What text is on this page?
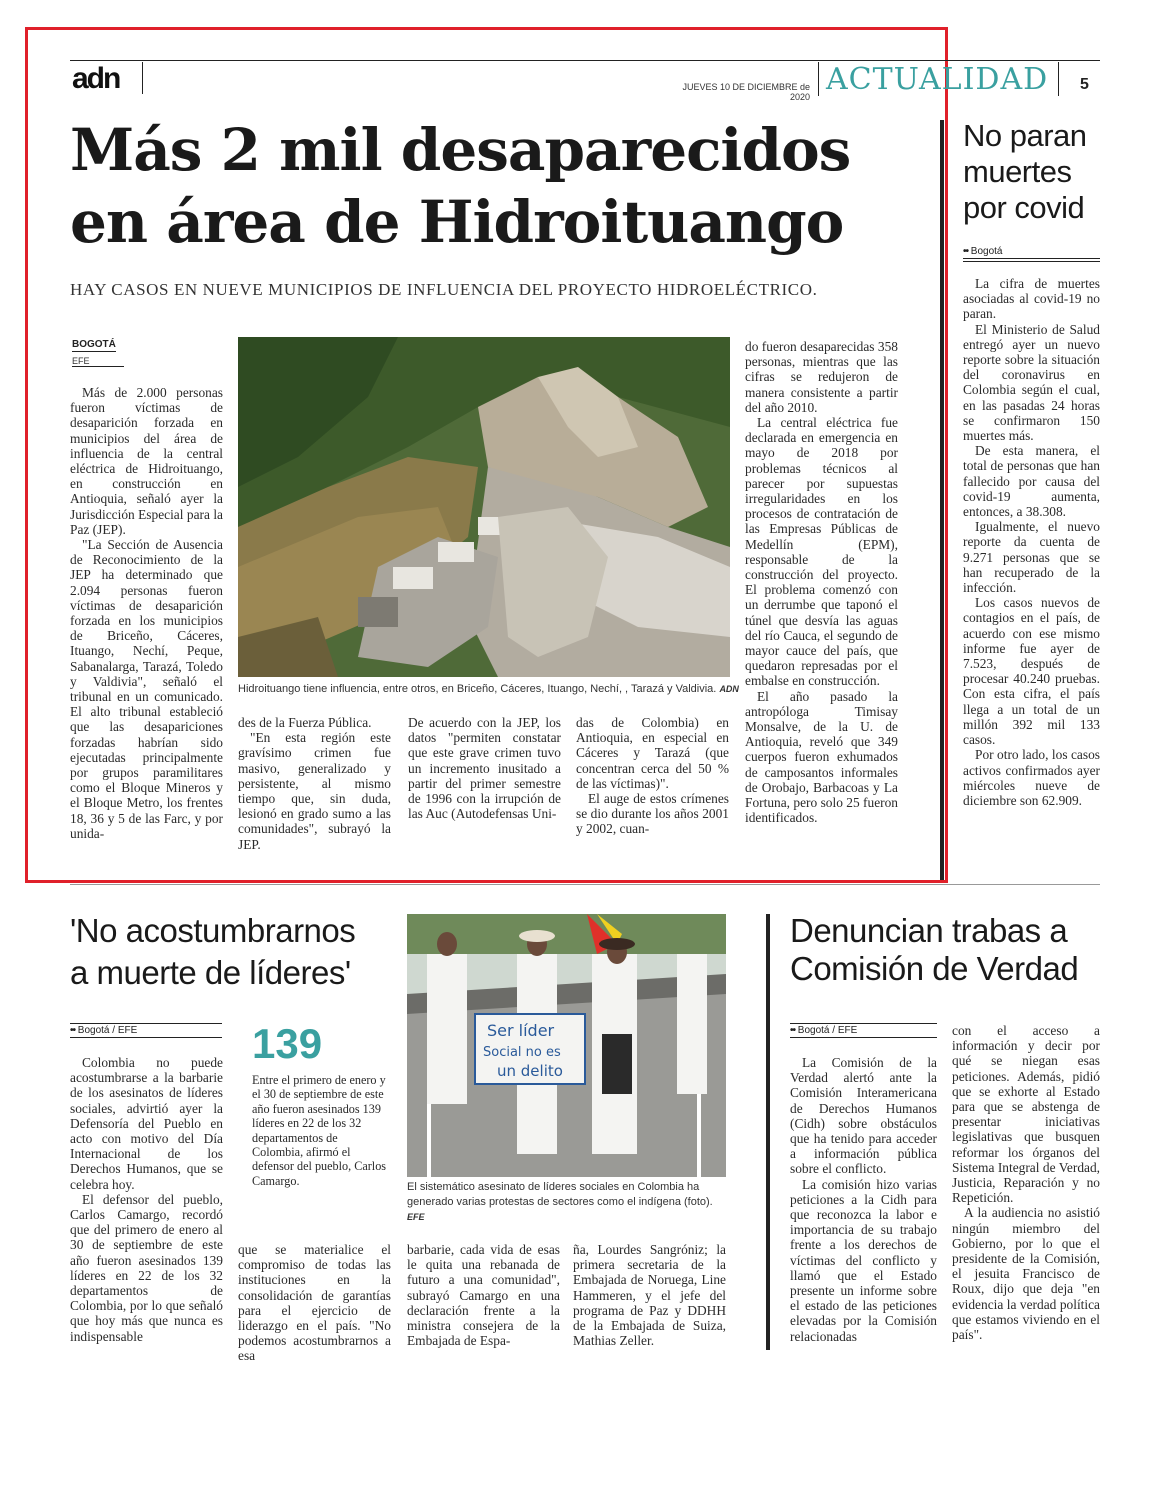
adn	JUEVES 10 DE DICIEMBRE de 2020 ACTUALIDAD 5
Más 2 mil desaparecidos
en área de Hidroituango
HAY CASOS EN NUEVE MUNICIPIOS DE INFLUENCIA DEL PROYECTO HIDROELÉCTRICO.
BOGOTÁ
EFE
Hidroituango tiene influencia, entre otros, en Briceño, Cáceres, Ituango, Nechí, , Tarazá y Valdivia. ADN

Más de 2.000 personas fueron víctimas de desaparición forzada en municipios del área de influencia de la central eléctrica de Hidroituango, en construcción en Antioquia, señaló ayer la Jurisdicción Especial para la Paz (JEP).

"La Sección de Ausencia de Reconocimiento de la JEP ha determinado que 2.094 personas fueron víctimas de desaparición forzada en los municipios de Briceño, Cáceres, Ituango, Nechí, Peque, Sabanalarga, Tarazá, Toledo y Valdivia", señaló el tribunal en un comunicado. El alto tribunal estableció que las desapariciones forzadas habrían sido ejecutadas principalmente por grupos paramilitares como el Bloque Mineros y el Bloque Metro, los frentes 18, 36 y 5 de las Farc, y por unida-

des de la Fuerza Pública.

"En esta región este gravísimo crimen fue masivo, generalizado y persistente, al mismo tiempo que, sin duda, lesionó en grado sumo a las comunidades", subrayó la JEP.

De acuerdo con la JEP, los datos "permiten constatar que este grave crimen tuvo un incremento inusitado a partir del primer semestre de 1996 con la irrupción de las Auc (Autodefensas Uni-

das de Colombia) en Antioquia, en especial en Cáceres y Tarazá (que concentran cerca del 50 % de las víctimas)".

El auge de estos crímenes se dio durante los años 2001 y 2002, cuan-

do fueron desaparecidas 358 personas, mientras que las cifras se redujeron de manera consistente a partir del año 2010.

La central eléctrica fue declarada en emergencia en mayo de 2018 por problemas técnicos al parecer por supuestas irregularidades en los procesos de contratación de las Empresas Públicas de Medellín (EPM), responsable de la construcción del proyecto. El problema comenzó con un derrumbe que taponó el túnel que desvía las aguas del río Cauca, el segundo de mayor cauce del país, que quedaron represadas por el embalse en construcción.

El año pasado la antropóloga Timisay Monsalve, de la U. de Antioquia, reveló que 349 cuerpos fueron exhumados de camposantos informales de Orobajo, Barbacoas y La Fortuna, pero solo 25 fueron identificados.

No paran muertes por covid
•• Bogotá

La cifra de muertes asociadas al covid-19 no paran.

El Ministerio de Salud entregó ayer un nuevo reporte sobre la situación del coronavirus en Colombia según el cual, en las pasadas 24 horas se confirmaron 150 muertes más.

De esta manera, el total de personas que han fallecido por causa del covid-19 aumenta, entonces, a 38.308.

Igualmente, el nuevo reporte da cuenta de 9.271 personas que se han recuperado de la infección.

Los casos nuevos de contagios en el país, de acuerdo con ese mismo informe fue ayer de 7.523, después de procesar 40.240 pruebas. Con esta cifra, el país llega a un total de un millón 392 mil 133 casos.

Por otro lado, los casos activos confirmados ayer miércoles nueve de diciembre son 62.909.

'No acostumbrarnos
a muerte de líderes'
•• Bogotá / EFE	139

Entre el primero de enero y el 30 de septiembre de este año fueron asesinados 139 líderes en 22 de los 32 departamentos de Colombia, afirmó el defensor del pueblo, Carlos Camargo.

Ser líder
Social no es
un delito
El sistemático asesinato de líderes sociales en Colombia ha generado varias protestas de sectores como el indígena (foto). EFE

Colombia no puede acostumbrarse a la barbarie de los asesinatos de líderes sociales, advirtió ayer la Defensoría del Pueblo en acto con motivo del Día Internacional de los Derechos Humanos, que se celebra hoy.

El defensor del pueblo, Carlos Camargo, recordó que del primero de enero al 30 de septiembre de este año fueron asesinados 139 líderes en 22 de los 32 departamentos de Colombia, por lo que señaló que hoy más que nunca es indispensable

que se materialice el compromiso de todas las instituciones en la consolidación de garantías para el ejercicio de liderazgo en el país. "No podemos acostumbrarnos a esa

barbarie, cada vida de esas le quita una rebanada de futuro a una comunidad", subrayó Camargo en una declaración frente a la ministra consejera de la Embajada de Espa-

ña, Lourdes Sangróniz; la primera secretaria de la Embajada de Noruega, Line Hammeren, y el jefe del programa de Paz y DDHH de la Embajada de Suiza, Mathias Zeller.

Denuncian trabas a
Comisión de Verdad
•• Bogotá / EFE

La Comisión de la Verdad alertó ante la Comisión Interamericana de Derechos Humanos (Cidh) sobre obstáculos que ha tenido para acceder a información pública sobre el conflicto.

La comisión hizo varias peticiones a la Cidh para que reconozca la labor e importancia de su trabajo frente a los derechos de víctimas del conflicto y llamó que el Estado presente un informe sobre el estado de las peticiones elevadas por la Comisión relacionadas

con el acceso a información y decir por qué se niegan esas peticiones. Además, pidió que se exhorte al Estado para que se abstenga de presentar iniciativas legislativas que busquen reformar los órganos del Sistema Integral de Verdad, Justicia, Reparación y no Repetición.

A la audiencia no asistió ningún miembro del Gobierno, por lo que el presidente de la Comisión, el jesuita Francisco de Roux, dijo que deja "en evidencia la verdad política que estamos viviendo en el país".
